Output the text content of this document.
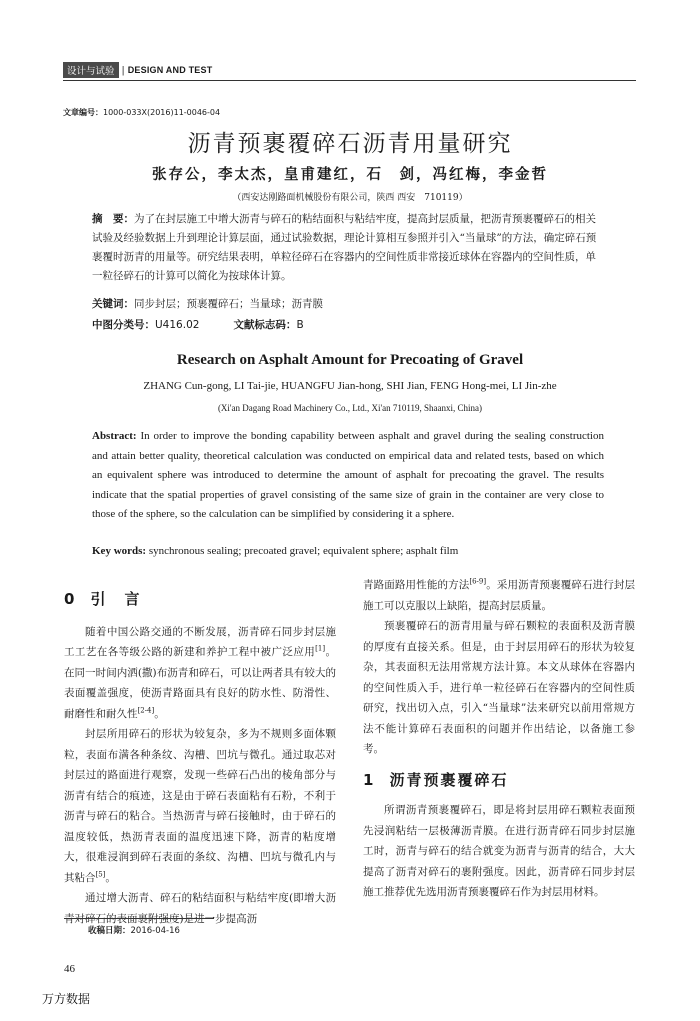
设计与试验 | DESIGN AND TEST
文章编号：1000-033X(2016)11-0046-04
沥青预裹覆碎石沥青用量研究
张存公，李太杰，皇甫建红，石　剑，冯红梅，李金哲
（西安达刚路面机械股份有限公司，陕西 西安　710119）
摘　要：为了在封层施工中增大沥青与碎石的粘结面积与粘结牢度，提高封层质量，把沥青预裹覆碎石的相关试验及经验数据上升到理论计算层面，通过试验数据，理论计算相互参照并引入“当量球”的方法，确定碎石预裹覆时沥青的用量等。研究结果表明，单粒径碎石在容器内的空间性质非常接近球体在容器内的空间性质，单一粒径碎石的计算可以简化为按球体计算。
关键词：同步封层；预裹覆碎石；当量球；沥青膜
中图分类号：U416.02	文献标志码：B
Research on Asphalt Amount for Precoating of Gravel
ZHANG Cun-gong, LI Tai-jie, HUANGFU Jian-hong, SHI Jian, FENG Hong-mei, LI Jin-zhe
(Xi'an Dagang Road Machinery Co., Ltd., Xi'an 710119, Shaanxi, China)
Abstract: In order to improve the bonding capability between asphalt and gravel during the sealing construction and attain better quality, theoretical calculation was conducted on empirical data and related tests, based on which an equivalent sphere was introduced to determine the amount of asphalt for precoating the gravel. The results indicate that the spatial properties of gravel consisting of the same size of grain in the container are very close to those of the sphere, so the calculation can be simplified by considering it a sphere.
Key words: synchronous sealing; precoated gravel; equivalent sphere; asphalt film
0 引　言

随着中国公路交通的不断发展，沥青碎石同步封层施工工艺在各等级公路的新建和养护工程中被广泛应用[1]。在同一时间内洒(撒)布沥青和碎石，可以让两者具有较大的表面覆盖强度，使沥青路面具有良好的防水性、防滑性、耐磨性和耐久性[2-4]。

封层所用碎石的形状为较复杂，多为不规则多面体颗粒，表面布满各种条纹、沟槽、凹坑与微孔。通过取芯对封层过的路面进行观察，发现一些碎石凸出的棱角部分与沥青有结合的痕迹，这是由于碎石表面粘有石粉，不利于沥青与碎石的粘合。当热沥青与碎石接触时，由于碎石的温度较低，热沥青表面的温度迅速下降，沥青的粘度增大，很难浸润到碎石表面的条纹、沟槽、凹坑与微孔内与其粘合[5]。

通过增大沥青、碎石的粘结面积与粘结牢度(即增大沥青对碎石的表面裹附强度)是进一步提高沥

青路面路用性能的方法[6-9]。采用沥青预裹覆碎石进行封层施工可以克服以上缺陷，提高封层质量。

预裹覆碎石的沥青用量与碎石颗粒的表面积及沥青膜的厚度有直接关系。但是，由于封层用碎石的形状为较复杂，其表面积无法用常规方法计算。本文从球体在容器内的空间性质入手，进行单一粒径碎石在容器内的空间性质研究，找出切入点，引入“当量球”法来研究以前用常规方法不能计算碎石表面积的问题并作出结论，以备施工参考。

1 沥青预裹覆碎石

所谓沥青预裹覆碎石，即是将封层用碎石颗粒表面预先浸润粘结一层极薄沥青膜。在进行沥青碎石同步封层施工时，沥青与碎石的结合就变为沥青与沥青的结合，大大提高了沥青对碎石的裹附强度。因此，沥青碎石同步封层施工推荐优先选用沥青预裹覆碎石作为封层用材料。

收稿日期：2016-04-16
46
万方数据
